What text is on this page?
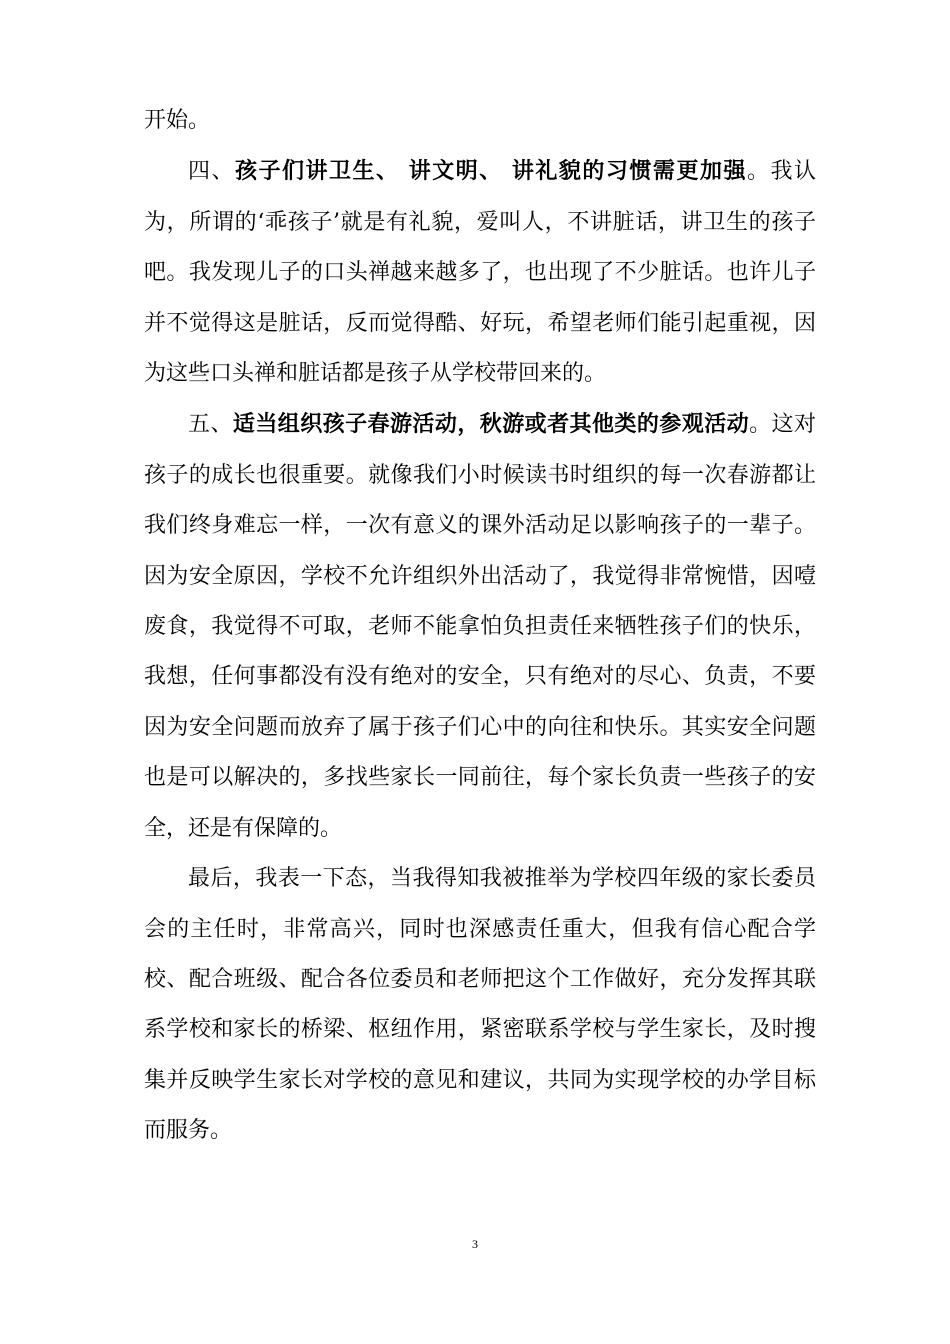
开始。

四、孩子们讲卫生、 讲文明、 讲礼貌的习惯需更加强。我认为，所谓的‘乖孩子’就是有礼貌，爱叫人，不讲脏话，讲卫生的孩子吧。我发现儿子的口头禅越来越多了，也出现了不少脏话。也许儿子并不觉得这是脏话，反而觉得酷、好玩，希望老师们能引起重视，因为这些口头禅和脏话都是孩子从学校带回来的。

五、适当组织孩子春游活动，秋游或者其他类的参观活动。这对孩子的成长也很重要。就像我们小时候读书时组织的每一次春游都让我们终身难忘一样，一次有意义的课外活动足以影响孩子的一辈子。因为安全原因，学校不允许组织外出活动了，我觉得非常惋惜，因噎废食，我觉得不可取，老师不能拿怕负担责任来牺牲孩子们的快乐，我想，任何事都没有没有绝对的安全，只有绝对的尽心、负责，不要因为安全问题而放弃了属于孩子们心中的向往和快乐。其实安全问题也是可以解决的，多找些家长一同前往，每个家长负责一些孩子的安全，还是有保障的。

最后，我表一下态，当我得知我被推举为学校四年级的家长委员会的主任时，非常高兴，同时也深感责任重大，但我有信心配合学校、配合班级、配合各位委员和老师把这个工作做好，充分发挥其联系学校和家长的桥梁、枢纽作用，紧密联系学校与学生家长，及时搜集并反映学生家长对学校的意见和建议，共同为实现学校的办学目标而服务。

3
